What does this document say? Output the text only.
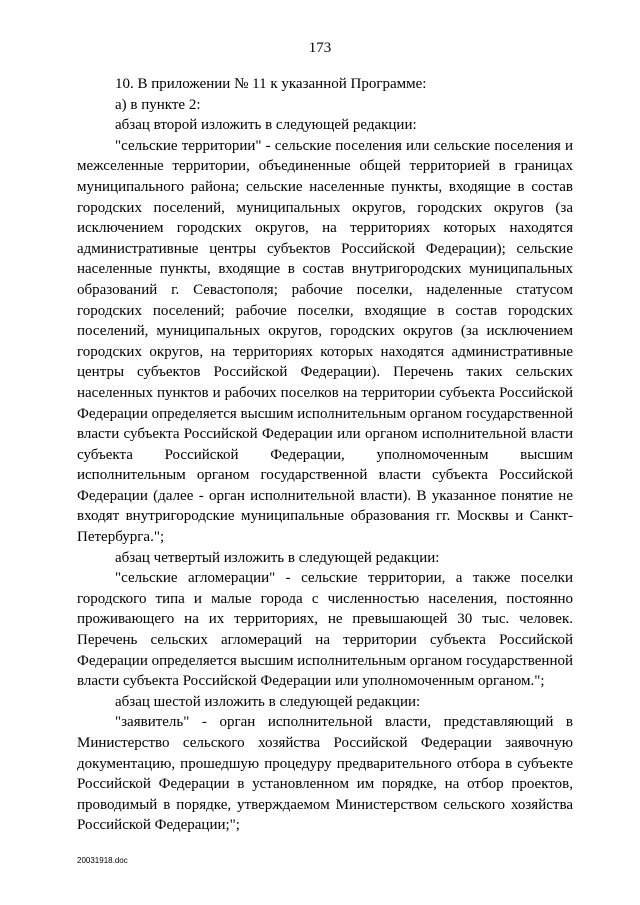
173

10. В приложении № 11 к указанной Программе:

а) в пункте 2:

абзац второй изложить в следующей редакции:

"сельские территории" - сельские поселения или сельские поселения и межселенные территории, объединенные общей территорией в границах муниципального района; сельские населенные пункты, входящие в состав городских поселений, муниципальных округов, городских округов (за исключением городских округов, на территориях которых находятся административные центры субъектов Российской Федерации); сельские населенные пункты, входящие в состав внутригородских муниципальных образований г. Севастополя; рабочие поселки, наделенные статусом городских поселений; рабочие поселки, входящие в состав городских поселений, муниципальных округов, городских округов (за исключением городских округов, на территориях которых находятся административные центры субъектов Российской Федерации). Перечень таких сельских населенных пунктов и рабочих поселков на территории субъекта Российской Федерации определяется высшим исполнительным органом государственной власти субъекта Российской Федерации или органом исполнительной власти субъекта Российской Федерации, уполномоченным высшим исполнительным органом государственной власти субъекта Российской Федерации (далее - орган исполнительной власти). В указанное понятие не входят внутригородские муниципальные образования гг. Москвы и Санкт-Петербурга.";

абзац четвертый изложить в следующей редакции:

"сельские агломерации" - сельские территории, а также поселки городского типа и малые города с численностью населения, постоянно проживающего на их территориях, не превышающей 30 тыс. человек. Перечень сельских агломераций на территории субъекта Российской Федерации определяется высшим исполнительным органом государственной власти субъекта Российской Федерации или уполномоченным органом.";

абзац шестой изложить в следующей редакции:

"заявитель" - орган исполнительной власти, представляющий в Министерство сельского хозяйства Российской Федерации заявочную документацию, прошедшую процедуру предварительного отбора в субъекте Российской Федерации в установленном им порядке, на отбор проектов, проводимый в порядке, утверждаемом Министерством сельского хозяйства Российской Федерации;";

20031918.doc
